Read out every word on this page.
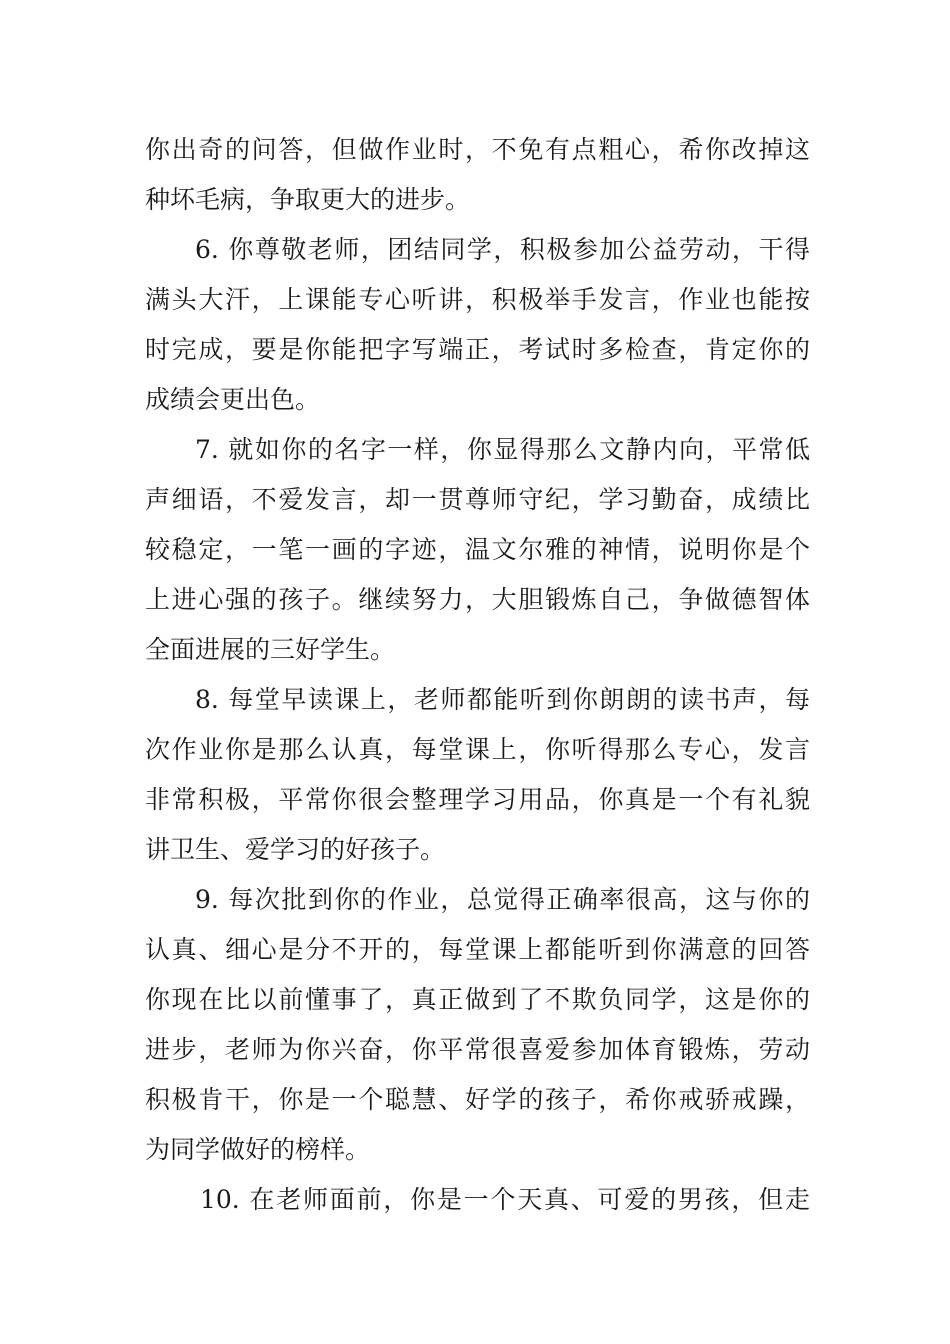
你出奇的问答，但做作业时，不免有点粗心，希你改掉这
种坏毛病，争取更大的进步。
6. 你尊敬老师，团结同学，积极参加公益劳动，干得
满头大汗，上课能专心听讲，积极举手发言，作业也能按
时完成，要是你能把字写端正，考试时多检查，肯定你的
成绩会更出色。
7. 就如你的名字一样，你显得那么文静内向，平常低
声细语，不爱发言，却一贯尊师守纪，学习勤奋，成绩比
较稳定，一笔一画的字迹，温文尔雅的神情，说明你是个
上进心强的孩子。继续努力，大胆锻炼自己，争做德智体
全面进展的三好学生。
8. 每堂早读课上，老师都能听到你朗朗的读书声，每
次作业你是那么认真，每堂课上，你听得那么专心，发言
非常积极，平常你很会整理学习用品，你真是一个有礼貌
讲卫生、爱学习的好孩子。
9. 每次批到你的作业，总觉得正确率很高，这与你的
认真、细心是分不开的，每堂课上都能听到你满意的回答
你现在比以前懂事了，真正做到了不欺负同学，这是你的
进步，老师为你兴奋，你平常很喜爱参加体育锻炼，劳动
积极肯干，你是一个聪慧、好学的孩子，希你戒骄戒躁，
为同学做好的榜样。
10. 在老师面前，你是一个天真、可爱的男孩，但走
